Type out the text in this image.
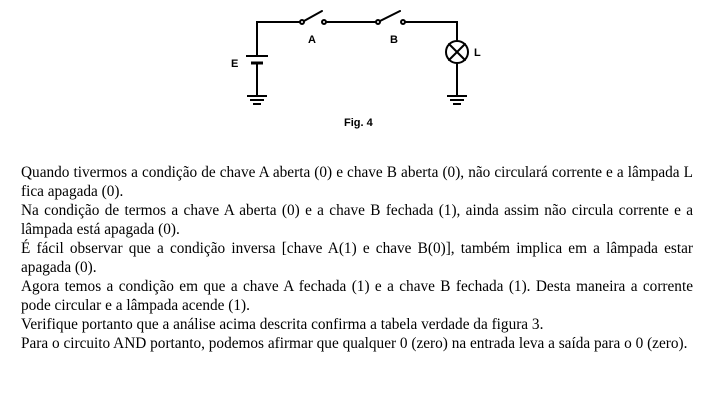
A	B
E
L
Fig. 4

Quando tivermos a condição de chave A aberta (0) e chave B aberta (0), não circulará corrente e a lâmpada L fica apagada (0).

Na condição de termos a chave A aberta (0) e a chave B fechada (1), ainda assim não circula corrente e a lâmpada está apagada (0).

É fácil observar que a condição inversa [chave A(1) e chave B(0)], também implica em a lâmpada estar apagada (0).

Agora temos a condição em que a chave A fechada (1) e a chave B fechada (1). Desta maneira a corrente pode circular e a lâmpada acende (1).

Verifique portanto que a análise acima descrita confirma a tabela verdade da figura 3.

Para o circuito AND portanto, podemos afirmar que qualquer 0 (zero) na entrada leva a saída para o 0 (zero).
